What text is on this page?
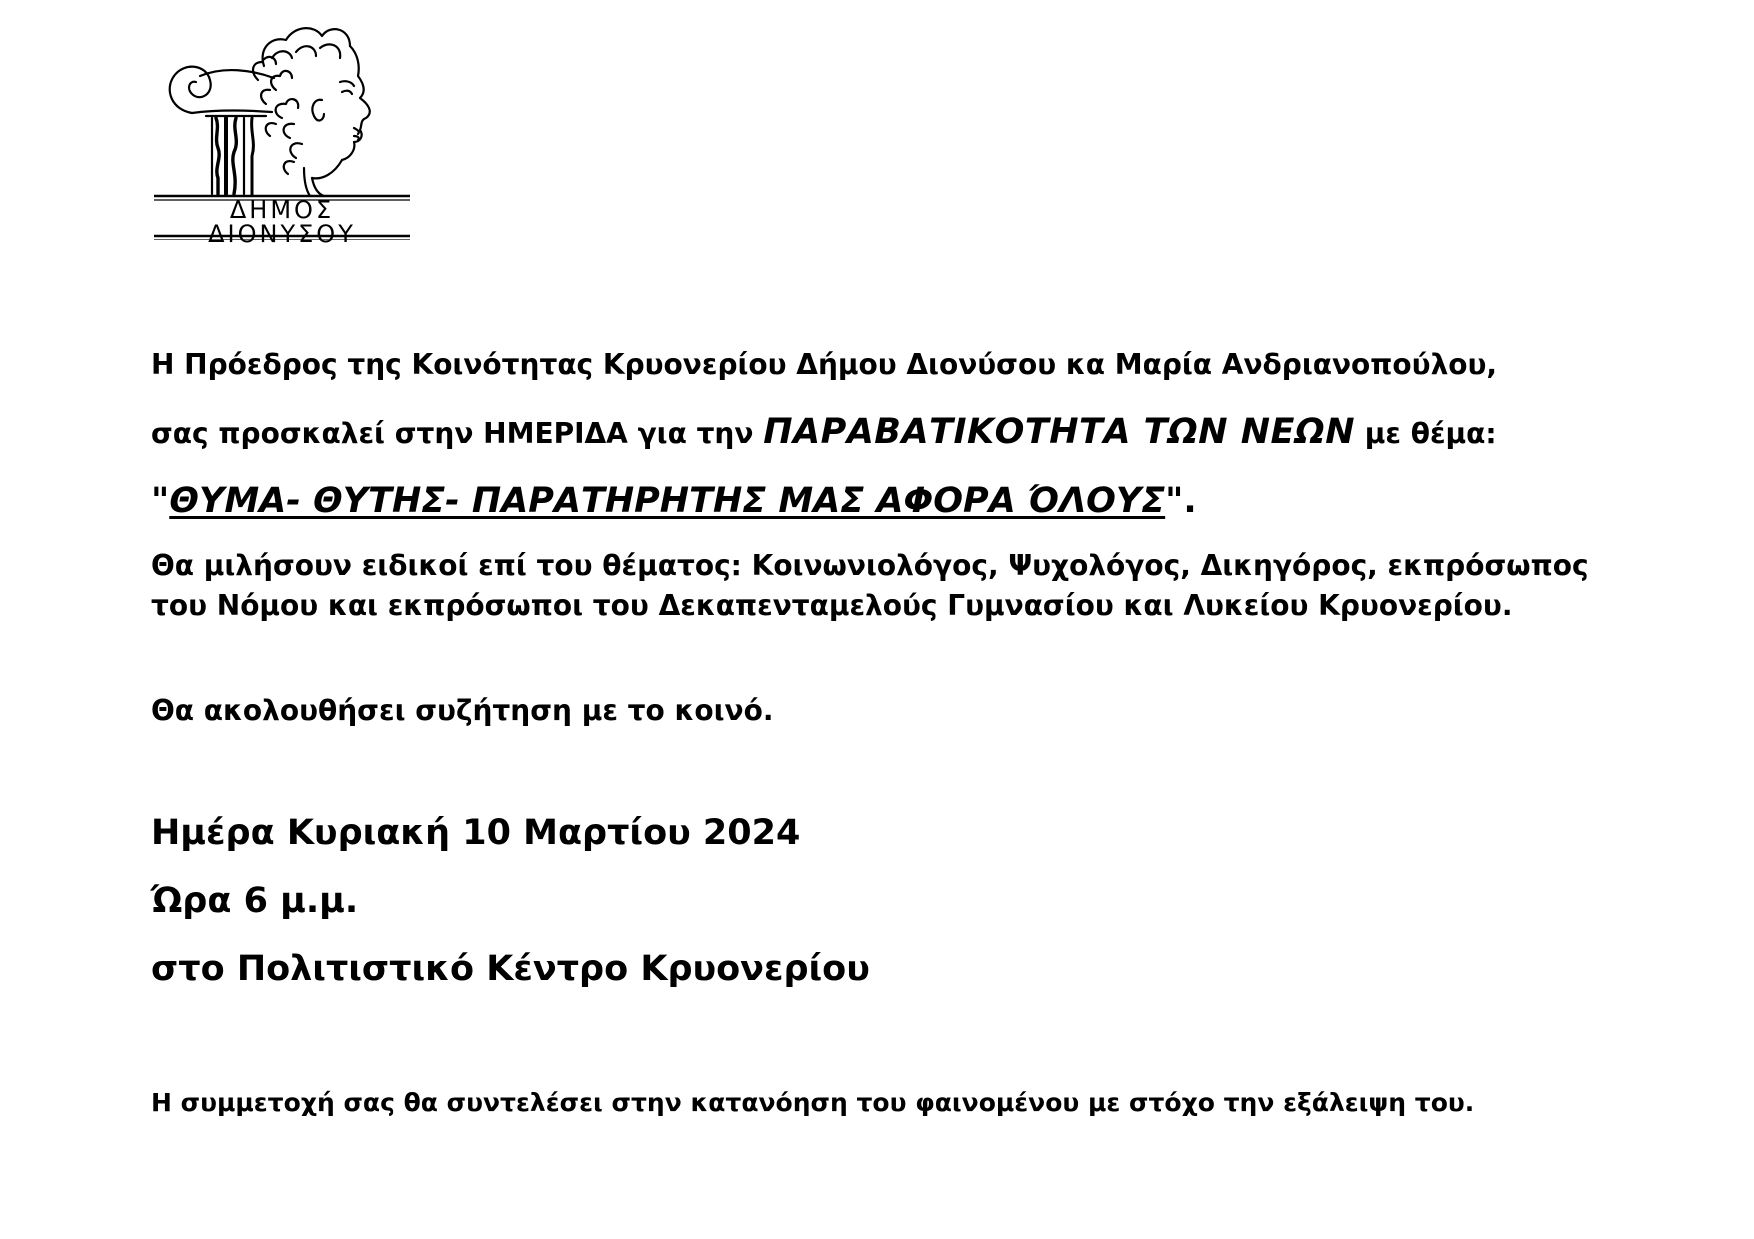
ΔΗΜΟΣ ΔΙΟΝΥΣΟΥ
Η Πρόεδρος της Κοινότητας Κρυονερίου Δήμου Διονύσου κα Μαρία Ανδριανοπούλου,
σας προσκαλεί στην ΗΜΕΡΙΔΑ για την ΠΑΡΑΒΑΤΙΚΟΤΗΤΑ ΤΩΝ ΝΕΩΝ με θέμα:
"ΘΥΜΑ- ΘΥΤΗΣ- ΠΑΡΑΤΗΡΗΤΗΣ ΜΑΣ ΑΦΟΡΑ ΌΛΟΥΣ".
Θα μιλήσουν ειδικοί επί του θέματος: Κοινωνιολόγος, Ψυχολόγος, Δικηγόρος, εκπρόσωπος του Νόμου και εκπρόσωποι του Δεκαπενταμελούς Γυμνασίου και Λυκείου Κρυονερίου.
Θα ακολουθήσει συζήτηση με το κοινό.
Ημέρα Κυριακή 10 Μαρτίου 2024
Ώρα 6 μ.μ.
στο Πολιτιστικό Κέντρο Κρυονερίου
Η συμμετοχή σας θα συντελέσει στην κατανόηση του φαινομένου με στόχο την εξάλειψη του.
